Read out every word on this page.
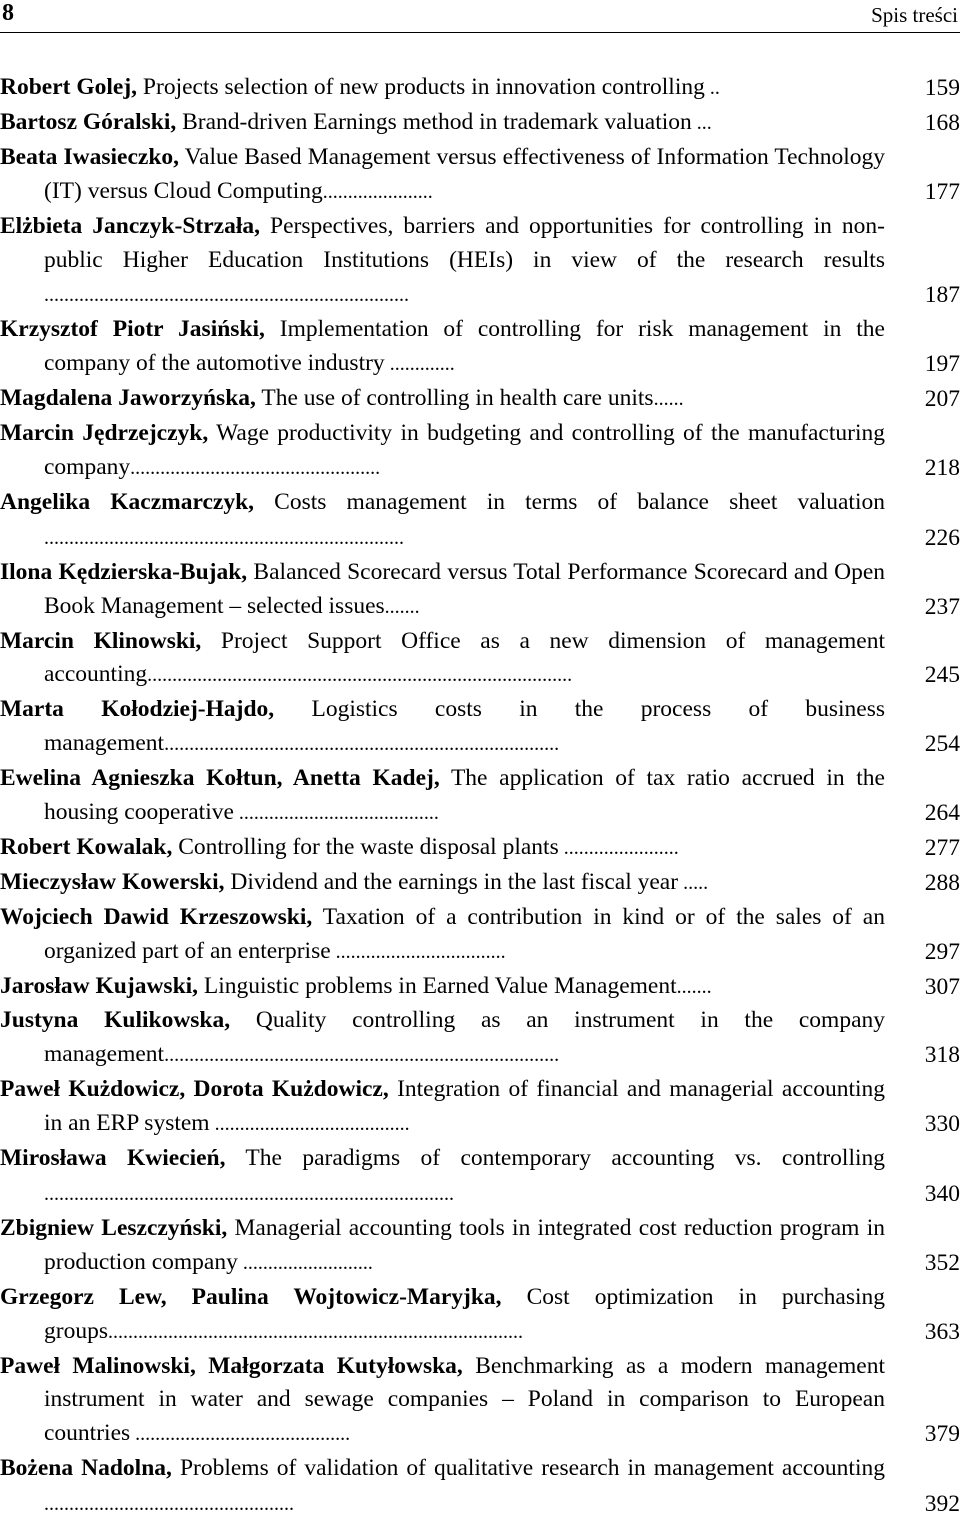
8	Spis treści
Robert Golej, Projects selection of new products in innovation controlling ..	159
Bartosz Góralski, Brand-driven Earnings method in trademark valuation ...	168
Beata Iwasieczko, Value Based Management versus effectiveness of Information Technology (IT) versus Cloud Computing......................	177
Elżbieta Janczyk-Strzała, Perspectives, barriers and opportunities for controlling in non-public Higher Education Institutions (HEIs) in view of the research results .........................................................................	187
Krzysztof Piotr Jasiński, Implementation of controlling for risk management in the company of the automotive industry .............	197
Magdalena Jaworzyńska, The use of controlling in health care units......	207
Marcin Jędrzejczyk, Wage productivity in budgeting and controlling of the manufacturing company..................................................	218
Angelika Kaczmarczyk, Costs management in terms of balance sheet valuation ........................................................................	226
Ilona Kędzierska-Bujak, Balanced Scorecard versus Total Performance Scorecard and Open Book Management – selected issues.......	237
Marcin Klinowski, Project Support Office as a new dimension of management accounting.....................................................................................	245
Marta Kołodziej-Hajdo, Logistics costs in the process of business management...............................................................................	254
Ewelina Agnieszka Kołtun, Anetta Kadej, The application of tax ratio accrued in the housing cooperative ........................................	264
Robert Kowalak, Controlling for the waste disposal plants .......................	277
Mieczysław Kowerski, Dividend and the earnings in the last fiscal year .....	288
Wojciech Dawid Krzeszowski, Taxation of a contribution in kind or of the sales of an organized part of an enterprise ..................................	297
Jarosław Kujawski, Linguistic problems in Earned Value Management.......	307
Justyna Kulikowska, Quality controlling as an instrument in the company management...............................................................................	318
Paweł Kużdowicz, Dorota Kużdowicz, Integration of financial and managerial accounting in an ERP system .......................................	330
Mirosława Kwiecień, The paradigms of contemporary accounting vs. controlling ..................................................................................	340
Zbigniew Leszczyński, Managerial accounting tools in integrated cost reduction program in production company ..........................	352
Grzegorz Lew, Paulina Wojtowicz-Maryjka, Cost optimization in purchasing groups...................................................................................	363
Paweł Malinowski, Małgorzata Kutyłowska, Benchmarking as a modern management instrument in water and sewage companies – Poland in comparison to European countries ...........................................	379
Bożena Nadolna, Problems of validation of qualitative research in management accounting ..................................................	392
